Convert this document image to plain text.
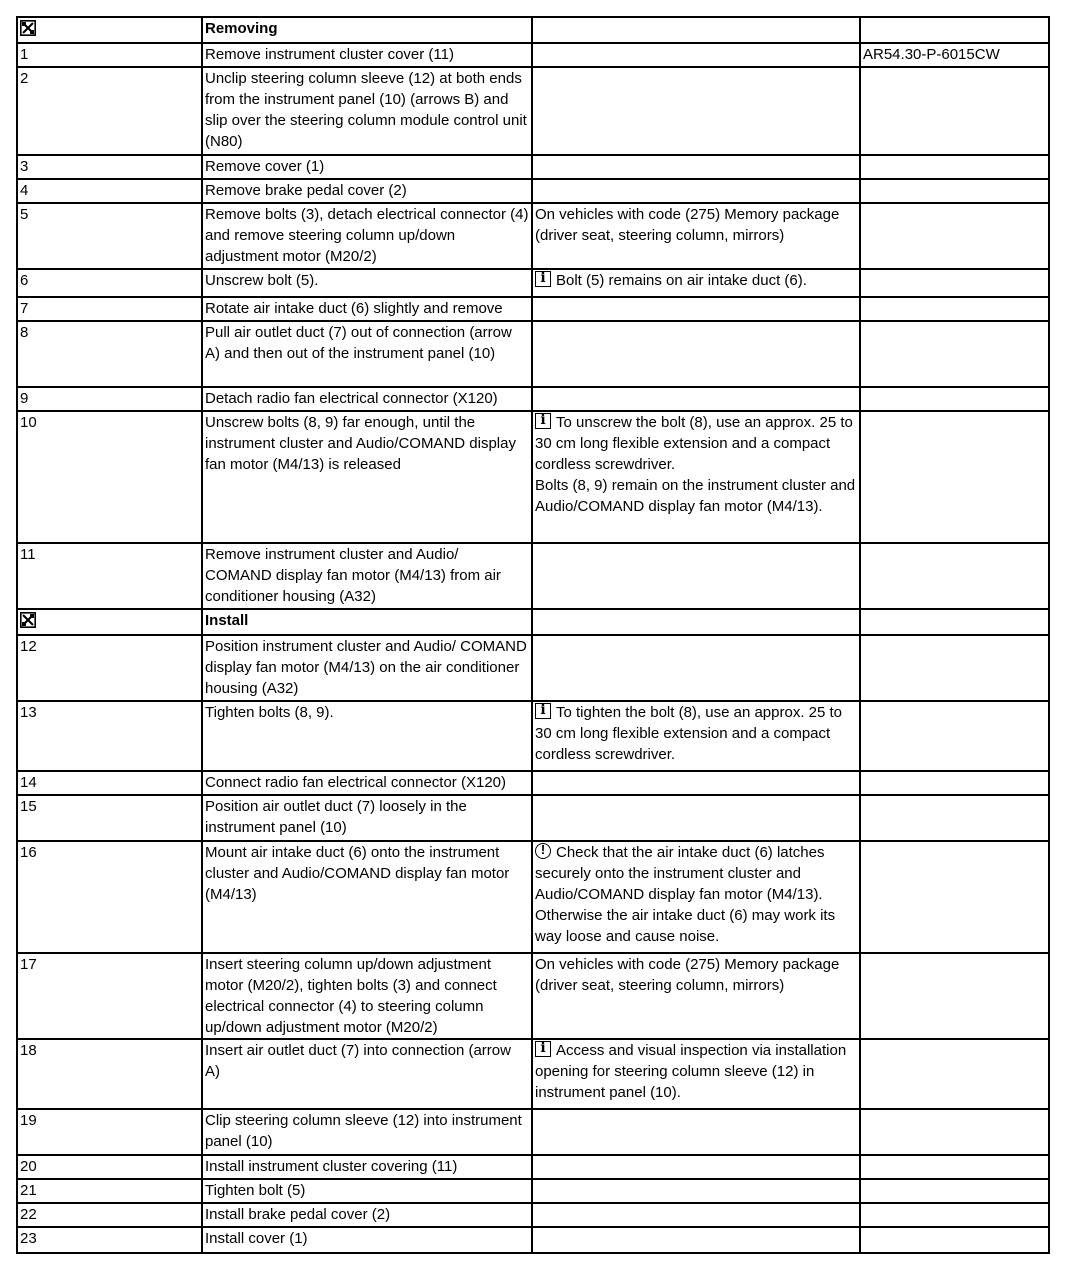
	Removing		
1	Remove instrument cluster cover (11)		AR54.30-P-6015CW
2	Unclip steering column sleeve (12) at both ends from the instrument panel (10) (arrows B) and slip over the steering column module control unit (N80)		
3	Remove cover (1)		
4	Remove brake pedal cover (2)		
5	Remove bolts (3), detach electrical connector (4) and remove steering column up/down adjustment motor (M20/2)	On vehicles with code (275) Memory package (driver seat, steering column, mirrors)	
6	Unscrew bolt (5).	iBolt (5) remains on air intake duct (6).	
7	Rotate air intake duct (6) slightly and remove		
8	Pull air outlet duct (7) out of connection (arrow A) and then out of the instrument panel (10)		
9	Detach radio fan electrical connector (X120)		
10	Unscrew bolts (8, 9) far enough, until the instrument cluster and Audio/COMAND display fan motor (M4/13) is released	iTo unscrew the bolt (8), use an approx. 25 to 30 cm long flexible extension and a compact cordless screwdriver.
Bolts (8, 9) remain on the instrument cluster and Audio/COMAND display fan motor (M4/13).	
11	Remove instrument cluster and Audio/ COMAND display fan motor (M4/13) from air conditioner housing (A32)		
	Install		
12	Position instrument cluster and Audio/ COMAND display fan motor (M4/13) on the air conditioner housing (A32)		
13	Tighten bolts (8, 9).	iTo tighten the bolt (8), use an approx. 25 to 30 cm long flexible extension and a compact cordless screwdriver.	
14	Connect radio fan electrical connector (X120)		
15	Position air outlet duct (7) loosely in the instrument panel (10)		
16	Mount air intake duct (6) onto the instrument cluster and Audio/COMAND display fan motor (M4/13)	!Check that the air intake duct (6) latches securely onto the instrument cluster and Audio/COMAND display fan motor (M4/13). Otherwise the air intake duct (6) may work its way loose and cause noise.	
17	Insert steering column up/down adjustment motor (M20/2), tighten bolts (3) and connect electrical connector (4) to steering column up/down adjustment motor (M20/2)	On vehicles with code (275) Memory package (driver seat, steering column, mirrors)	
18	Insert air outlet duct (7) into connection (arrow A)	iAccess and visual inspection via installation opening for steering column sleeve (12) in instrument panel (10).	
19	Clip steering column sleeve (12) into instrument panel (10)		
20	Install instrument cluster covering (11)		
21	Tighten bolt (5)		
22	Install brake pedal cover (2)		
23	Install cover (1)		
